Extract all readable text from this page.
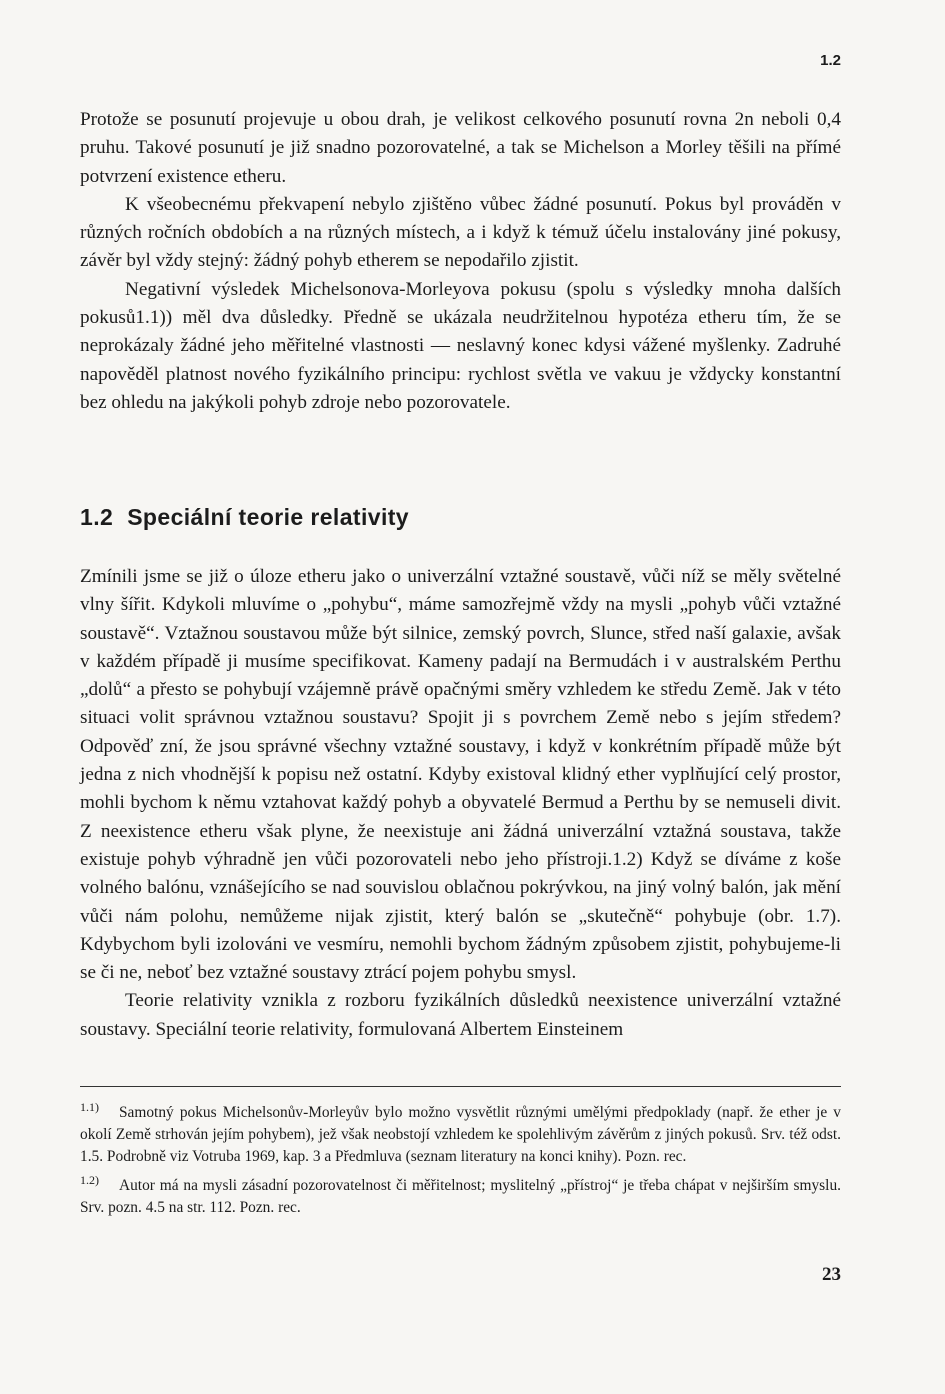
1.2

Protože se posunutí projevuje u obou drah, je velikost celkového posunutí rovna 2n neboli 0,4 pruhu. Takové posunutí je již snadno pozorovatelné, a tak se Michelson a Morley těšili na přímé potvrzení existence etheru.

K všeobecnému překvapení nebylo zjištěno vůbec žádné posunutí. Pokus byl prováděn v různých ročních obdobích a na různých místech, a i když k témuž účelu instalovány jiné pokusy, závěr byl vždy stejný: žádný pohyb etherem se nepodařilo zjistit.

Negativní výsledek Michelsonova-Morleyova pokusu (spolu s výsledky mnoha dalších pokusů1.1)) měl dva důsledky. Předně se ukázala neudržitelnou hypotéza etheru tím, že se neprokázaly žádné jeho měřitelné vlastnosti — neslavný konec kdysi vážené myšlenky. Zadruhé napověděl platnost nového fyzikálního principu: rychlost světla ve vakuu je vždycky konstantní bez ohledu na jakýkoli pohyb zdroje nebo pozorovatele.

1.2 Speciální teorie relativity

Zmínili jsme se již o úloze etheru jako o univerzální vztažné soustavě, vůči níž se měly světelné vlny šířit. Kdykoli mluvíme o „pohybu“, máme samozřejmě vždy na mysli „pohyb vůči vztažné soustavě“. Vztažnou soustavou může být silnice, zemský povrch, Slunce, střed naší galaxie, avšak v každém případě ji musíme specifikovat. Kameny padají na Bermudách i v australském Perthu „dolů“ a přesto se pohybují vzájemně právě opačnými směry vzhledem ke středu Země. Jak v této situaci volit správnou vztažnou soustavu? Spojit ji s povrchem Země nebo s jejím středem? Odpověď zní, že jsou správné všechny vztažné soustavy, i když v konkrétním případě může být jedna z nich vhodnější k popisu než ostatní. Kdyby existoval klidný ether vyplňující celý prostor, mohli bychom k němu vztahovat každý pohyb a obyvatelé Bermud a Perthu by se nemuseli divit. Z neexistence etheru však plyne, že neexistuje ani žádná univerzální vztažná soustava, takže existuje pohyb výhradně jen vůči pozorovateli nebo jeho přístroji.1.2) Když se díváme z koše volného balónu, vznášejícího se nad souvislou oblačnou pokrývkou, na jiný volný balón, jak mění vůči nám polohu, nemůžeme nijak zjistit, který balón se „skutečně“ pohybuje (obr. 1.7). Kdybychom byli izolováni ve vesmíru, nemohli bychom žádným způsobem zjistit, pohybujeme-li se či ne, neboť bez vztažné soustavy ztrácí pojem pohybu smysl.

Teorie relativity vznikla z rozboru fyzikálních důsledků neexistence univerzální vztažné soustavy. Speciální teorie relativity, formulovaná Albertem Einsteinem

$^{1.1)}$ Samotný pokus Michelsonův-Morleyův bylo možno vysvětlit různými umělými předpoklady (např. že ether je v okolí Země strhován jejím pohybem), jež však neobstojí vzhledem ke spolehlivým závěrům z jiných pokusů. Srv. též odst. 1.5. Podrobně viz Votruba 1969, kap. 3 a Předmluva (seznam literatury na konci knihy). Pozn. rec.

$^{1.2)}$ Autor má na mysli zásadní pozorovatelnost či měřitelnost; myslitelný „přístroj“ je třeba chápat v nejširším smyslu. Srv. pozn. 4.5 na str. 112. Pozn. rec.

23
